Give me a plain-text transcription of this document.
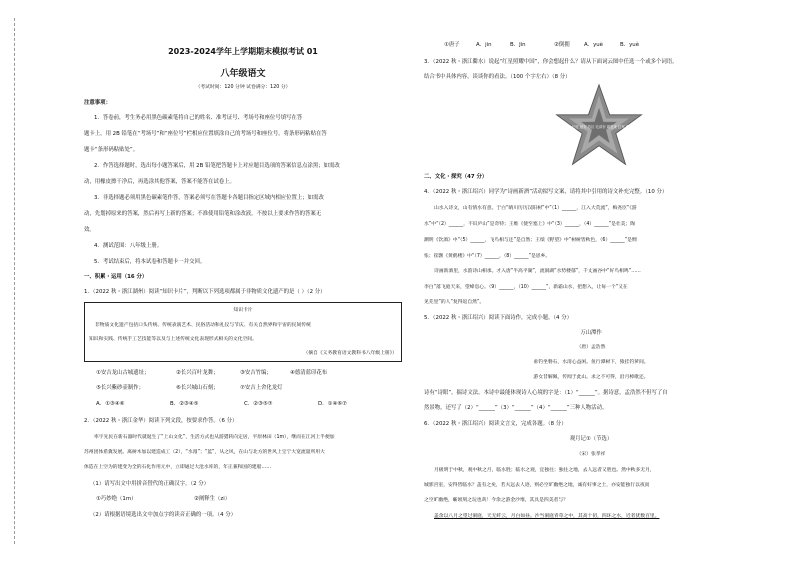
2023-2024学年上学期期末模拟考试 01
八年级语文
（考试时间：120 分钟 试卷满分：120 分）
注意事项：
1．答卷前，考生务必用黑色碳素笔将自己的姓名、准考证号、考场号和座位号填写在答
题卡上，用 2B 铅笔在“考场号”和“座位号”栏相应位置填涂自己的考场号和座位号。将条形码粘贴在答
题卡“条形码粘贴处”。
2．作答选择题时，选出每小题答案后，用 2B 铅笔把答题卡上对应题目选项的答案信息点涂黑；如需改
动，用橡皮擦干净后，再选涂其他答案，答案不能答在试卷上。
3．非选择题必须用黑色碳素笔作答，答案必须写在答题卡各题目指定区域内相应位置上；如需改
动，先划掉原来的答案，然后再写上新的答案；不准使用铅笔和涂改液。不按以上要求作答的答案无
效。
4．测试范围：八年级上册。
5．考试结束后，将本试卷和答题卡一并交回。
一、积累・运用（16 分）
1．（2022 秋・浙江湖州）阅读“知识卡片”，判断以下列选项都属于非物质文化遗产的是（ ）（2 分）
知识卡片
非物质文化遗产包括口头传统、传统表演艺术、民俗活动和礼仪与节庆、有关自然界和宇宙的民间传统
知识和实践、传统手工艺技能等以及与上述传统文化表现形式相关的文化空间。
（摘自《义务教育语文教科书八年级上册》）
①安吉龙山古城遗址；	②长兴百叶龙舞；	③安吉竹编；	④德清蓝印花布
⑤长兴紫砂壶制作；	⑥长兴城山石刻；	⑦安吉上舍化龙灯
A．①③④⑥	B．②③④⑤	C．②③⑤⑦	D．①④⑥⑦
2．（2022 秋・浙江金华）阅读下列文段，按要求作答。（6 分）
率宇先民在新石器时代就诞生了“上山文化”，生活方式也从游猎转向定居，平原林田（1m），继而在江河上半便加
苏州团体希冀发展。离树木加以建造成工（2），“水漫”；“蓝”，从之风，在山与北方的世风上宝宁大宽流量所用大
体造在上空为的建变为全的石化作用元中，立即通过大沧水库的，年正兼和国的建船……
（1）请写出文中用拼音替代的正确汉字。（2 分）
①巧妙绝（1m）	②阐释生（zi）
（2）请根据语境选出文中加点字的读音正确的一项。（4 分）
①唐子	A．jin	B．Jin	②倒拥	A．yuè	B．yuè
3．（2022 秋・浙江衢水）说起“红星照耀中国”，你会想起什么？请从下面词云图中任选一个或多个词语，
结合书中具体内容，谈谈你的看法。（100 个字左右）（8 分）
红星 长征 延安 苏区 毛泽东 周恩来 红军 斯诺 革命 中国
二、文化・探究（47 分）
4．（2022 秋・浙江绍兴）同学为“诗画新酒”活动拟写文案，请将其中引用的诗文补充完整。（10 分）
山水入诗文，山有情水有意。于白“晴川历历汉阳树”中“（1）______，江入大荒流”，梅尧臣“《游
水”中“（2）______，不识庐山”是奇特；王维《使至塞上》中“（3）______，（4）______”是壮美；陶
渊明《饮酒》中“（5）______，飞鸟相与还”是自然；王绩《野望》中“树树皆秋色，（6）______”是惆
怅；崔颢《黄鹤楼》中“（7）______，（8）______”是思乡。
诗画新酒里，水韵诗山相承。才入唐“半高平湖”，流洞湖“水势楼郁”，千丈画谷中“好鸟相鸣”……
李白“落飞庭天来，望峰息心。（9）______，（10）______”，新霜山水，把想入，让每一个“又在
见芜里”的人“复得返自然”。
5．（2022 秋・浙江绍兴）阅读下面诗作，完成小题。（4 分）
万山潭作
（唐）孟浩然
垂钓坐磐石，水清心益闲。鱼行潭树下，猿挂钓萝间。
游女昔解佩，传闻于此山。求之不可得，沿月棹歌还。
诗有“诗眼”，揣诗文法。本诗中最能体现诗人心境的字是：（1）“______”。据诗意，孟浩然不但写了自
然景物，还写了（2）“______”（3）“______”（4）“______”三种人物活动。
6．（2022 秋・浙江绍兴）阅读文言文，完成各题。（8 分）
观月记①（节选）
（宋）张孝祥
月极明于中秋，观中秋之月，临水胜；临水之观，宜独往；独往之地，去人远者又胜也。然中秋多无月，
城郭宫室，安得皆临水？盖有之矣，若夫远去人迹，则必空旷幽绝之地，诚有好事之士，亦安能独行以夜而
之空旷幽绝，蘄顷刻之玩也哉！今余之游金沙堆，其具是四美者与？
盖余以八月之望过洞庭，天无纤云，月白如昼。沙当洞庭青草之中，其高十仞，四环之水，近者犹数百里。
